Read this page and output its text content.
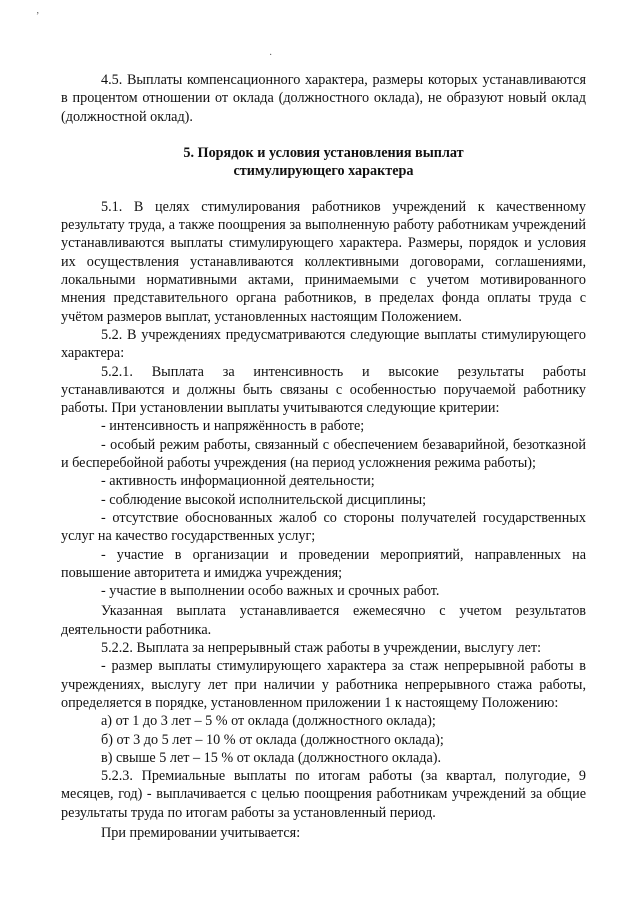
’
·

4.5. Выплаты компенсационного характера, размеры которых устанавливаются в процентом отношении от оклада (должностного оклада), не образуют новый оклад (должностной оклад).

5. Порядок и условия установления выплат
стимулирующего характера

5.1. В целях стимулирования работников учреждений к качественному результату труда, а также поощрения за выполненную работу работникам учреждений устанавливаются выплаты стимулирующего характера. Размеры, порядок и условия их осуществления устанавливаются коллективными договорами, соглашениями, локальными нормативными актами, принимаемыми с учетом мотивированного мнения представительного органа работников, в пределах фонда оплаты труда с учётом размеров выплат, установленных настоящим Положением.

5.2. В учреждениях предусматриваются следующие выплаты стимулирующего характера:

5.2.1. Выплата за интенсивность и высокие результаты работы устанавливаются и должны быть связаны с особенностью поручаемой работнику работы. При установлении выплаты учитываются следующие критерии:

- интенсивность и напряжённость в работе;

- особый режим работы, связанный с обеспечением безаварийной, безотказной и бесперебойной работы учреждения (на период усложнения режима работы);

- активность информационной деятельности;

- соблюдение высокой исполнительской дисциплины;

- отсутствие обоснованных жалоб со стороны получателей государственных услуг на качество государственных услуг;

- участие в организации и проведении мероприятий, направленных на повышение авторитета и имиджа учреждения;

- участие в выполнении особо важных и срочных работ.

Указанная выплата устанавливается ежемесячно с учетом результатов деятельности работника.

5.2.2. Выплата за непрерывный стаж работы в учреждении, выслугу лет:

- размер выплаты стимулирующего характера за стаж непрерывной работы в учреждениях, выслугу лет при наличии у работника непрерывного стажа работы, определяется в порядке, установленном приложении 1 к настоящему Положению:

а) от 1 до 3 лет – 5 % от оклада (должностного оклада);

б) от 3 до 5 лет – 10 % от оклада (должностного оклада);

в) свыше 5 лет – 15 % от оклада (должностного оклада).

5.2.3. Премиальные выплаты по итогам работы (за квартал, полугодие, 9 месяцев, год) - выплачивается с целью поощрения работникам учреждений за общие результаты труда по итогам работы за установленный период.

При премировании учитывается:
